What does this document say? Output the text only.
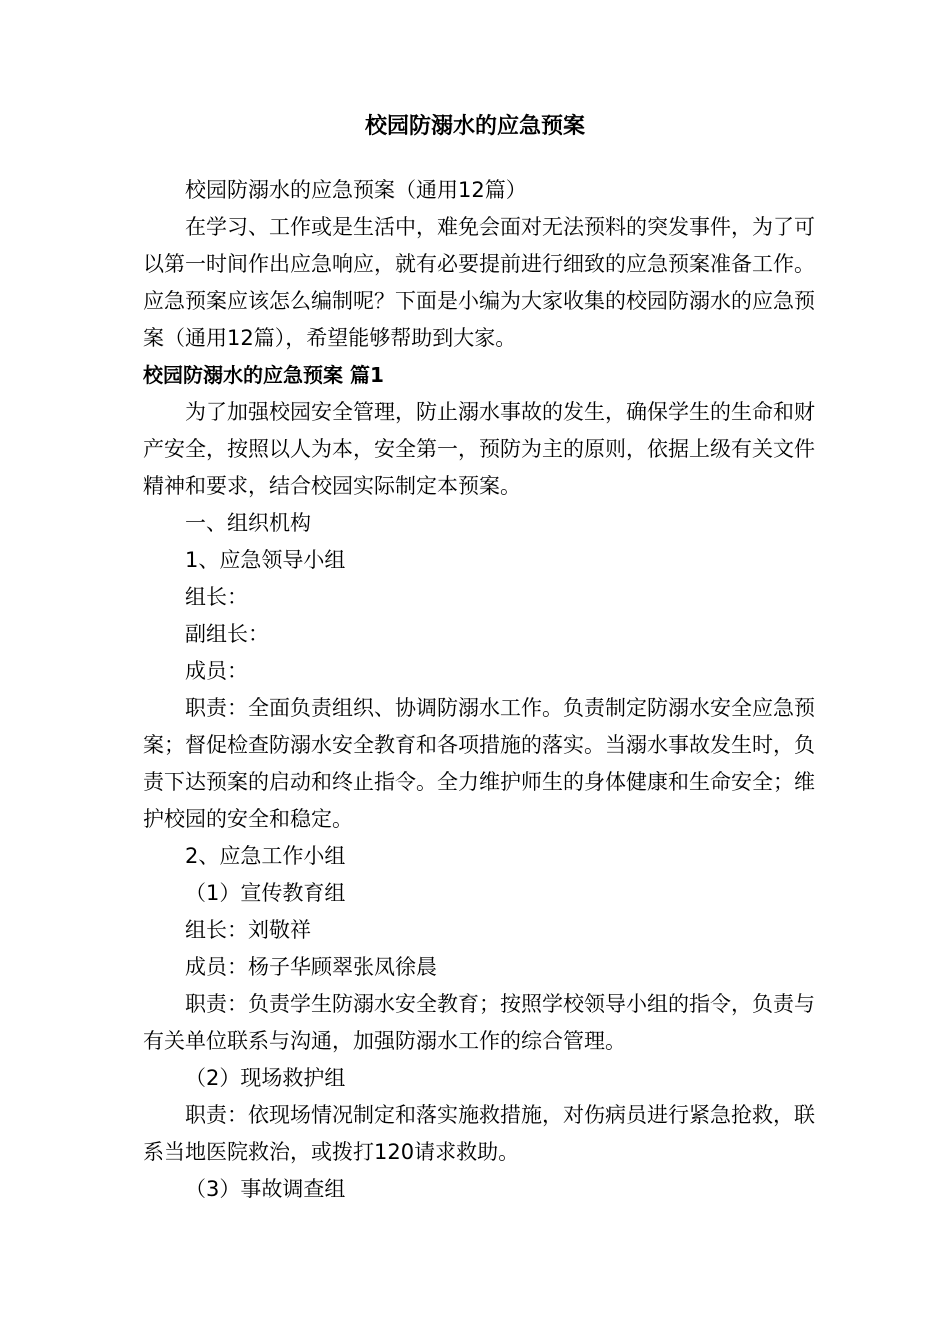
校园防溺水的应急预案

校园防溺水的应急预案（通用12篇）

在学习、工作或是生活中，难免会面对无法预料的突发事件，为了可以第一时间作出应急响应，就有必要提前进行细致的应急预案准备工作。应急预案应该怎么编制呢？下面是小编为大家收集的校园防溺水的应急预案（通用12篇），希望能够帮助到大家。

校园防溺水的应急预案 篇1

为了加强校园安全管理，防止溺水事故的发生，确保学生的生命和财产安全，按照以人为本，安全第一，预防为主的原则，依据上级有关文件精神和要求，结合校园实际制定本预案。

一、组织机构

1、应急领导小组

组长：

副组长：

成员：

职责：全面负责组织、协调防溺水工作。负责制定防溺水安全应急预案；督促检查防溺水安全教育和各项措施的落实。当溺水事故发生时，负责下达预案的启动和终止指令。全力维护师生的身体健康和生命安全；维护校园的安全和稳定。

2、应急工作小组

（1）宣传教育组

组长：刘敬祥

成员：杨子华顾翠张凤徐晨

职责：负责学生防溺水安全教育；按照学校领导小组的指令，负责与有关单位联系与沟通，加强防溺水工作的综合管理。

（2）现场救护组

职责：依现场情况制定和落实施救措施，对伤病员进行紧急抢救，联系当地医院救治，或拨打120请求救助。

（3）事故调查组
